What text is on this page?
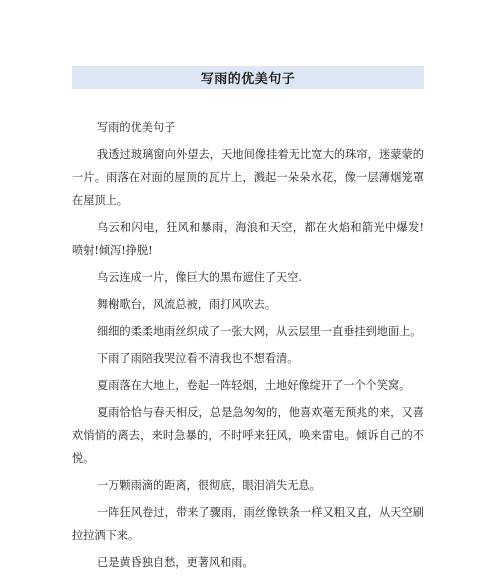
写雨的优美句子

写雨的优美句子

我透过玻璃窗向外望去，天地间像挂着无比宽大的珠帘，迷蒙蒙的一片。雨落在对面的屋顶的瓦片上，溅起一朵朵水花，像一层薄烟笼罩在屋顶上。

乌云和闪电，狂风和暴雨，海浪和天空，都在火焰和箭光中爆发!喷射!倾泻!挣脱!

乌云连成一片，像巨大的黑布遮住了天空.

舞榭歌台，风流总被，雨打风吹去。

细细的柔柔地雨丝织成了一张大网，从云层里一直垂挂到地面上。

下雨了雨陪我哭泣看不清我也不想看清。

夏雨落在大地上，卷起一阵轻烟，土地好像绽开了一个个笑窝。

夏雨恰恰与春天相反，总是急匆匆的，他喜欢毫无预兆的来，又喜欢悄悄的离去，来时急暴的，不时呼来狂风，唤来雷电。倾诉自己的不悦。

一万颗雨滴的距离，很彻底，眼泪消失无息。

一阵狂风卷过，带来了骤雨，雨丝像铁条一样又粗又直，从天空刷拉拉洒下来。

已是黄昏独自愁，更著风和雨。
